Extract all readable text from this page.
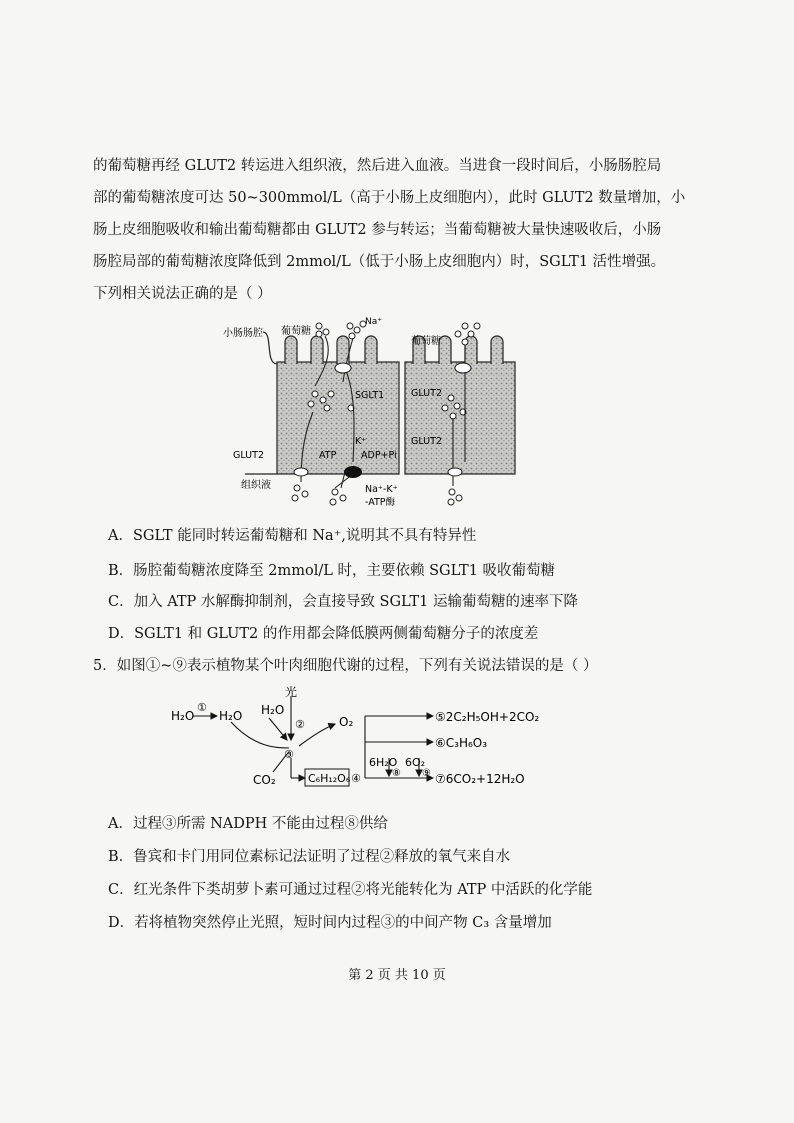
的葡萄糖再经 GLUT2 转运进入组织液，然后进入血液。当进食一段时间后，小肠肠腔局
部的葡萄糖浓度可达 50~300mmol/L（高于小肠上皮细胞内），此时 GLUT2 数量增加，小
肠上皮细胞吸收和输出葡萄糖都由 GLUT2 参与转运；当葡萄糖被大量快速吸收后，小肠
肠腔局部的葡萄糖浓度降低到 2mmol/L（低于小肠上皮细胞内）时，SGLT1 活性增强。
下列相关说法正确的是（ ）
小肠肠腔 葡萄糖
葡萄糖
Na⁺
SGLT1	GLUT2
GLUT2
GLUT2
K⁺
ATP	ADP+Pi
组织液	Na⁺-K⁺
-ATP酶
A．SGLT 能同时转运葡萄糖和 Na⁺,说明其不具有特异性
B．肠腔葡萄糖浓度降至 2mmol/L 时，主要依赖 SGLT1 吸收葡萄糖
C．加入 ATP 水解酶抑制剂，会直接导致 SGLT1 运输葡萄糖的速率下降
D．SGLT1 和 GLUT2 的作用都会降低膜两侧葡萄糖分子的浓度差
5．如图①~⑨表示植物某个叶肉细胞代谢的过程，下列有关说法错误的是（ ）
H₂O
①
H₂O H₂O
光
②	O₂
③
CO₂	C₆H₁₂O₆ ④
⑤2C₂H₅OH+2CO₂
⑥C₃H₆O₃
6H₂O 6O₂
⑧ ⑨ ⑦6CO₂+12H₂O
A．过程③所需 NADPH 不能由过程⑧供给
B．鲁宾和卡门用同位素标记法证明了过程②释放的氧气来自水
C．红光条件下类胡萝卜素可通过过程②将光能转化为 ATP 中活跃的化学能
D．若将植物突然停止光照，短时间内过程③的中间产物 C₃ 含量增加
第 2 页 共 10 页
